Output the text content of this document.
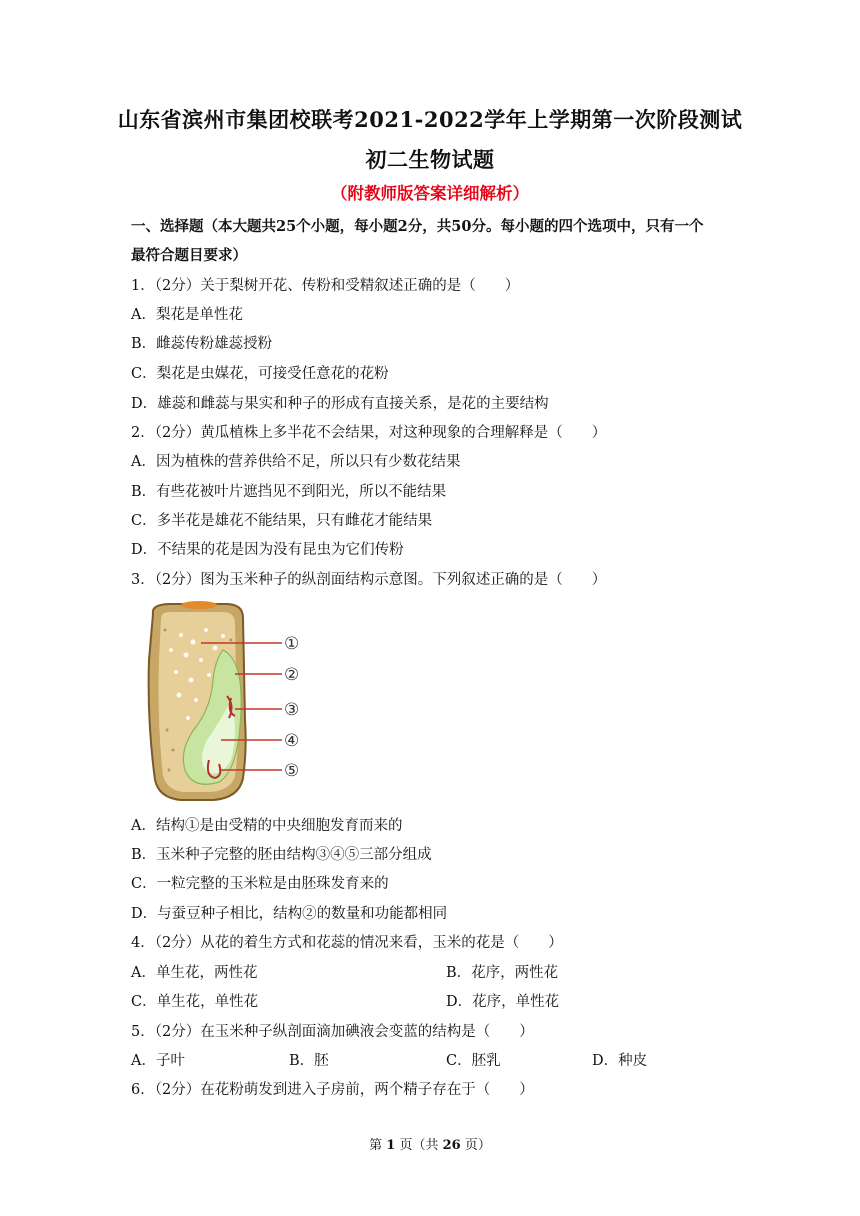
山东省滨州市集团校联考2021-2022学年上学期第一次阶段测试
初二生物试题
（附教师版答案详细解析）
一、选择题（本大题共25个小题，每小题2分，共50分。每小题的四个选项中，只有一个
最符合题目要求）
1．（2分）关于梨树开花、传粉和受精叙述正确的是（　　）
A．梨花是单性花
B．雌蕊传粉雄蕊授粉
C．梨花是虫媒花，可接受任意花的花粉
D．雄蕊和雌蕊与果实和种子的形成有直接关系，是花的主要结构
2．（2分）黄瓜植株上多半花不会结果，对这种现象的合理解释是（　　）
A．因为植株的营养供给不足，所以只有少数花结果
B．有些花被叶片遮挡见不到阳光，所以不能结果
C．多半花是雄花不能结果，只有雌花才能结果
D．不结果的花是因为没有昆虫为它们传粉
3．（2分）图为玉米种子的纵剖面结构示意图。下列叙述正确的是（　　）
①
②
③
④
⑤
A．结构①是由受精的中央细胞发育而来的
B．玉米种子完整的胚由结构③④⑤三部分组成
C．一粒完整的玉米粒是由胚珠发育来的
D．与蚕豆种子相比，结构②的数量和功能都相同
4．（2分）从花的着生方式和花蕊的情况来看，玉米的花是（　　）
A．单生花，两性花	B．花序，两性花
C．单生花，单性花	D．花序，单性花
5．（2分）在玉米种子纵剖面滴加碘液会变蓝的结构是（　　）
A．子叶	B．胚	C．胚乳	D．种皮
6．（2分）在花粉萌发到进入子房前，两个精子存在于（　　）
第 1 页（共 26 页）
